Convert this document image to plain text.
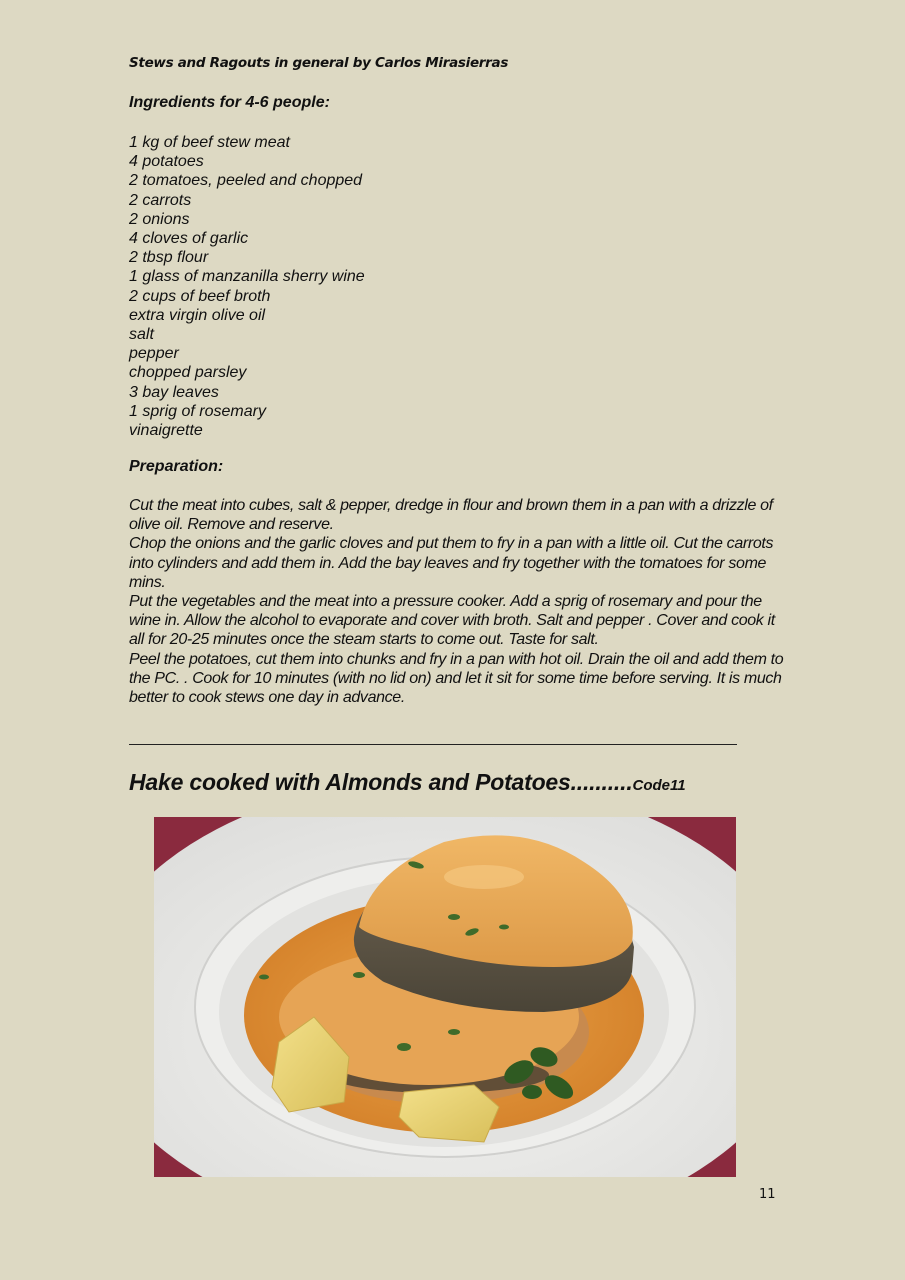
Stews and Ragouts in general by Carlos Mirasierras
Ingredients for 4-6 people:
1 kg of beef stew meat
4 potatoes
2 tomatoes, peeled and chopped
2 carrots
2 onions
4 cloves of garlic
2 tbsp flour
1 glass of manzanilla sherry wine
2 cups of beef broth
extra virgin olive oil
salt
pepper
chopped parsley
3 bay leaves
1 sprig of rosemary
vinaigrette
Preparation:

Cut the meat into cubes, salt & pepper, dredge in flour and brown them in a pan with a drizzle of olive oil. Remove and reserve.

Chop the onions and the garlic cloves and put them to fry in a pan with a little oil. Cut the carrots into cylinders and add them in. Add the bay leaves and fry together with the tomatoes for some mins.

Put the vegetables and the meat into a pressure cooker. Add a sprig of rosemary and pour the wine in. Allow the alcohol to evaporate and cover with broth. Salt and pepper . Cover and cook it all for 20-25 minutes once the steam starts to come out. Taste for salt.

Peel the potatoes, cut them into chunks and fry in a pan with hot oil. Drain the oil and add them to the PC. . Cook for 10 minutes (with no lid on) and let it sit for some time before serving. It is much better to cook stews one day in advance.

Hake cooked with Almonds and Potatoes..........Code11
11
